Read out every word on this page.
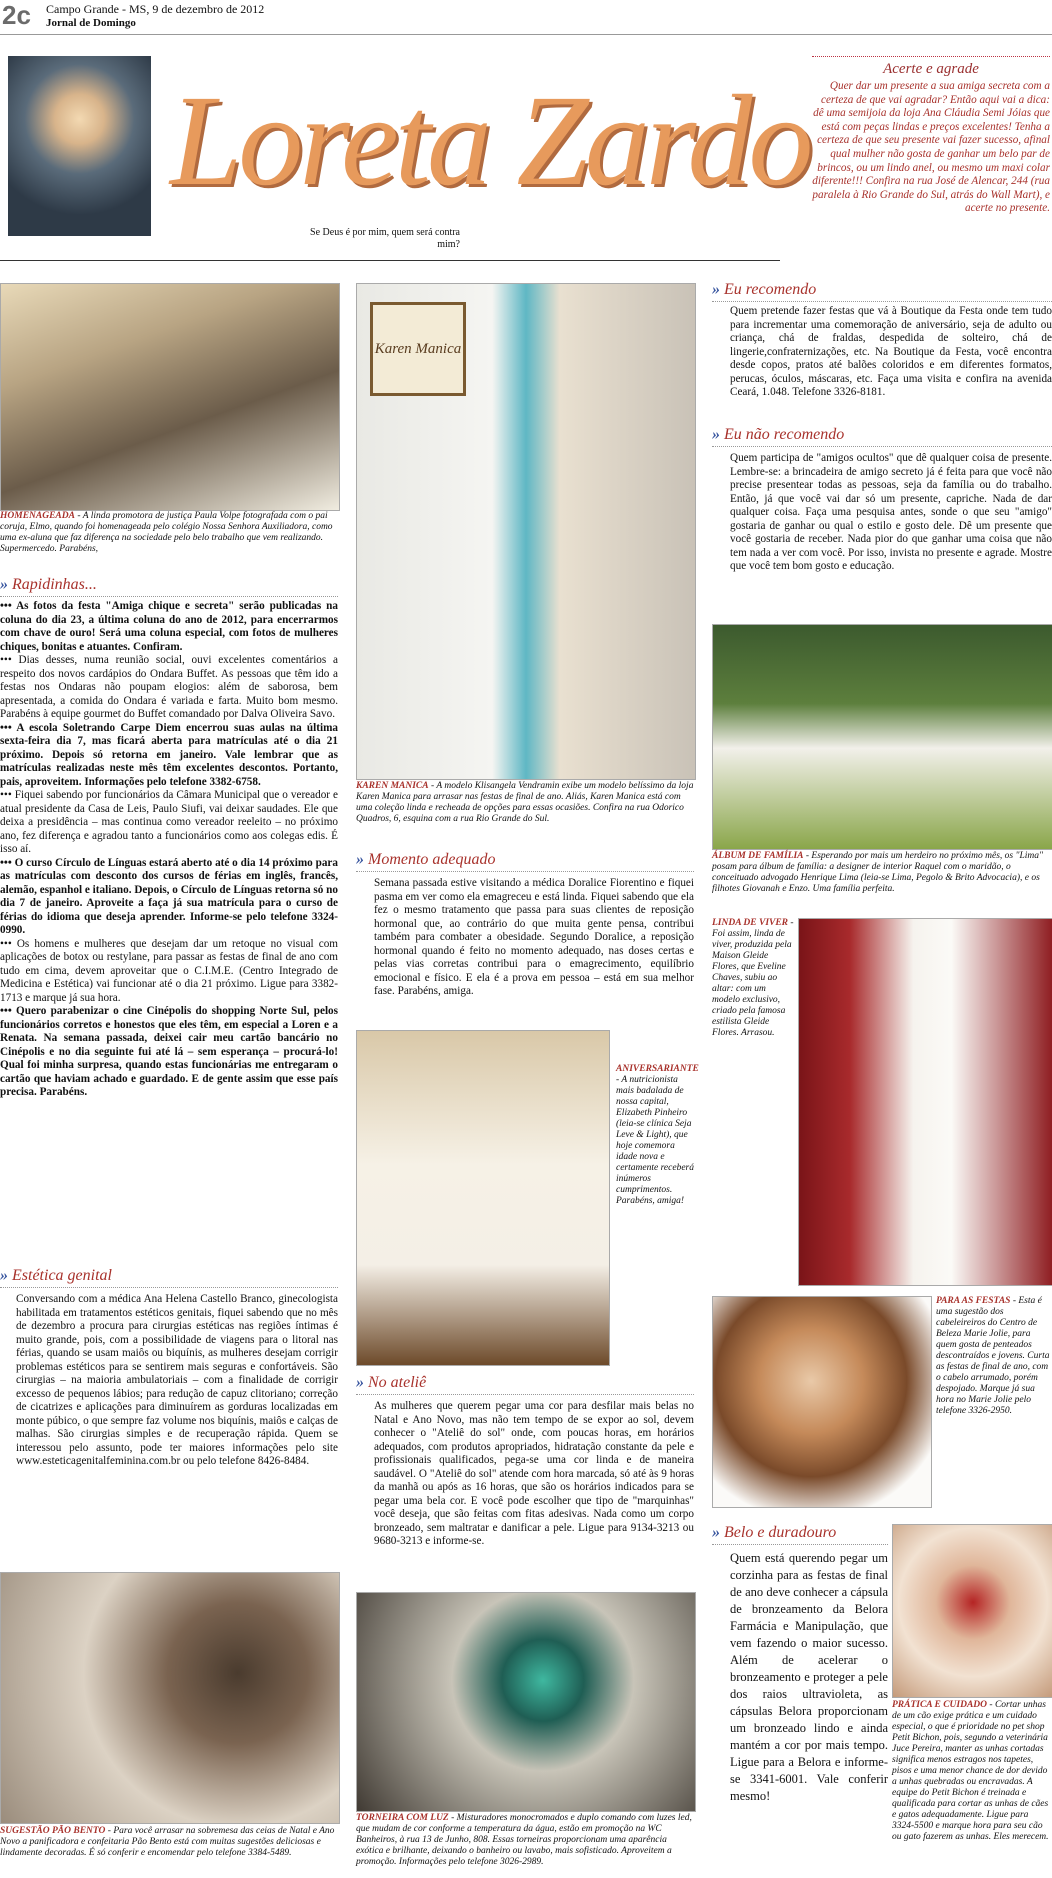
2c Campo Grande - MS, 9 de dezembro de 2012
Jornal de Domingo
Loreta Zardo
Se Deus é por mim, quem será contra mim?
Acerte e agrade

Quer dar um presente a sua amiga secreta com a certeza de que vai agradar? Então aqui vai a dica: dê uma semijoia da loja Ana Cláudia Semi Jóias que está com peças lindas e preços excelentes! Tenha a certeza de que seu presente vai fazer sucesso, afinal qual mulher não gosta de ganhar um belo par de brincos, ou um lindo anel, ou mesmo um maxi colar diferente!!! Confira na rua José de Alencar, 244 (rua paralela à Rio Grande do Sul, atrás do Wall Mart), e acerte no presente.

HOMENAGEADA - A linda promotora de justiça Paula Volpe fotografada com o pai coruja, Elmo, quando foi homenageada pelo colégio Nossa Senhora Auxiliadora, como uma ex-aluna que faz diferença na sociedade pelo belo trabalho que vem realizando. Supermercedo. Parabéns,
» Rapidinhas...

••• As fotos da festa "Amiga chique e secreta" serão publicadas na coluna do dia 23, a última coluna do ano de 2012, para encerrarmos com chave de ouro! Será uma coluna especial, com fotos de mulheres chiques, bonitas e atuantes. Confiram.

••• Dias desses, numa reunião social, ouvi excelentes comentários a respeito dos novos cardápios do Ondara Buffet. As pessoas que têm ido a festas nos Ondaras não poupam elogios: além de saborosa, bem apresentada, a comida do Ondara é variada e farta. Muito bom mesmo. Parabéns à equipe gourmet do Buffet comandado por Dalva Oliveira Savo.

••• A escola Soletrando Carpe Diem encerrou suas aulas na última sexta-feira dia 7, mas ficará aberta para matrículas até o dia 21 próximo. Depois só retorna em janeiro. Vale lembrar que as matrículas realizadas neste mês têm excelentes descontos. Portanto, pais, aproveitem. Informações pelo telefone 3382-6758.

••• Fiquei sabendo por funcionários da Câmara Municipal que o vereador e atual presidente da Casa de Leis, Paulo Siufi, vai deixar saudades. Ele que deixa a presidência – mas continua como vereador reeleito – no próximo ano, fez diferença e agradou tanto a funcionários como aos colegas edis. É isso aí.

••• O curso Círculo de Línguas estará aberto até o dia 14 próximo para as matrículas com desconto dos cursos de férias em inglês, francês, alemão, espanhol e italiano. Depois, o Círculo de Línguas retorna só no dia 7 de janeiro. Aproveite a faça já sua matrícula para o curso de férias do idioma que deseja aprender. Informe-se pelo telefone 3324-0990.

••• Os homens e mulheres que desejam dar um retoque no visual com aplicações de botox ou restylane, para passar as festas de final de ano com tudo em cima, devem aproveitar que o C.I.M.E. (Centro Integrado de Medicina e Estética) vai funcionar até o dia 21 próximo. Ligue para 3382-1713 e marque já sua hora.

••• Quero parabenizar o cine Cinépolis do shopping Norte Sul, pelos funcionários corretos e honestos que eles têm, em especial a Loren e a Renata. Na semana passada, deixei cair meu cartão bancário no Cinépolis e no dia seguinte fui até lá – sem esperança – procurá-lo! Qual foi minha surpresa, quando estas funcionárias me entregaram o cartão que haviam achado e guardado. E de gente assim que esse país precisa. Parabéns.

» Estética genital
Conversando com a médica Ana Helena Castello Branco, ginecologista habilitada em tratamentos estéticos genitais, fiquei sabendo que no mês de dezembro a procura para cirurgias estéticas nas regiões íntimas é muito grande, pois, com a possibilidade de viagens para o litoral nas férias, quando se usam maiôs ou biquínis, as mulheres desejam corrigir problemas estéticos para se sentirem mais seguras e confortáveis. São cirurgias – na maioria ambulatoriais – com a finalidade de corrigir excesso de pequenos lábios; para redução de capuz clitoriano; correção de cicatrizes e aplicações para diminuírem as gorduras localizadas em monte púbico, o que sempre faz volume nos biquínis, maiôs e calças de malhas. São cirurgias simples e de recuperação rápida. Quem se interessou pelo assunto, pode ter maiores informações pelo site www.esteticagenitalfeminina.com.br ou pelo telefone 8426-8484.
SUGESTÃO PÃO BENTO - Para você arrasar na sobremesa das ceias de Natal e Ano Novo a panificadora e confeitaria Pão Bento está com muitas sugestões deliciosas e lindamente decoradas. É só conferir e encomendar pelo telefone 3384-5489.
Karen Manica
KAREN MANICA - A modelo Klisangela Vendramin exibe um modelo belíssimo da loja Karen Manica para arrasar nas festas de final de ano. Aliás, Karen Manica está com uma coleção linda e recheada de opções para essas ocasiões. Confira na rua Odorico Quadros, 6, esquina com a rua Rio Grande do Sul.
» Momento adequado
Semana passada estive visitando a médica Doralice Fiorentino e fiquei pasma em ver como ela emagreceu e está linda. Fiquei sabendo que ela fez o mesmo tratamento que passa para suas clientes de reposição hormonal que, ao contrário do que muita gente pensa, contribui também para combater a obesidade. Segundo Doralice, a reposição hormonal quando é feito no momento adequado, nas doses certas e pelas vias corretas contribui para o emagrecimento, equilíbrio emocional e físico. E ela é a prova em pessoa – está em sua melhor fase. Parabéns, amiga.
ANIVERSARIANTE - A nutricionista mais badalada de nossa capital, Elizabeth Pinheiro (leia-se clínica Seja Leve & Light), que hoje comemora idade nova e certamente receberá inúmeros cumprimentos. Parabéns, amiga!
» No ateliê
As mulheres que querem pegar uma cor para desfilar mais belas no Natal e Ano Novo, mas não tem tempo de se expor ao sol, devem conhecer o "Ateliê do sol" onde, com poucas horas, em horários adequados, com produtos apropriados, hidratação constante da pele e profissionais qualificados, pega-se uma cor linda e de maneira saudável. O "Ateliê do sol" atende com hora marcada, só até às 9 horas da manhã ou após as 16 horas, que são os horários indicados para se pegar uma bela cor. E você pode escolher que tipo de "marquinhas" você deseja, que são feitas com fitas adesivas. Nada como um corpo bronzeado, sem maltratar e danificar a pele. Ligue para 9134-3213 ou 9680-3213 e informe-se.
TORNEIRA COM LUZ - Misturadores monocromados e duplo comando com luzes led, que mudam de cor conforme a temperatura da água, estão em promoção na WC Banheiros, à rua 13 de Junho, 808. Essas torneiras proporcionam uma aparência exótica e brilhante, deixando o banheiro ou lavabo, mais sofisticado. Aproveitem a promoção. Informações pelo telefone 3026-2989.
» Eu recomendo
Quem pretende fazer festas que vá à Boutique da Festa onde tem tudo para incrementar uma comemoração de aniversário, seja de adulto ou criança, chá de fraldas, despedida de solteiro, chá de lingerie,confraternizações, etc. Na Boutique da Festa, você encontra desde copos, pratos até balões coloridos e em diferentes formatos, perucas, óculos, máscaras, etc. Faça uma visita e confira na avenida Ceará, 1.048. Telefone 3326-8181.
» Eu não recomendo
Quem participa de "amigos ocultos" que dê qualquer coisa de presente. Lembre-se: a brincadeira de amigo secreto já é feita para que você não precise presentear todas as pessoas, seja da família ou do trabalho. Então, já que você vai dar só um presente, capriche. Nada de dar qualquer coisa. Faça uma pesquisa antes, sonde o que seu "amigo" gostaria de ganhar ou qual o estilo e gosto dele. Dê um presente que você gostaria de receber. Nada pior do que ganhar uma coisa que não tem nada a ver com você. Por isso, invista no presente e agrade. Mostre que você tem bom gosto e educação.
ÁLBUM DE FAMÍLIA - Esperando por mais um herdeiro no próximo mês, os "Lima" posam para álbum de família: a designer de interior Raquel com o maridão, o conceituado advogado Henrique Lima (leia-se Lima, Pegolo & Brito Advocacia), e os filhotes Giovanah e Enzo. Uma família perfeita.
LINDA DE VIVER - Foi assim, linda de viver, produzida pela Maison Gleide Flores, que Eveline Chaves, subiu ao altar: com um modelo exclusivo, criado pela famosa estilista Gleide Flores. Arrasou.
PARA AS FESTAS - Esta é uma sugestão dos cabeleireiros do Centro de Beleza Marie Jolie, para quem gosta de penteados descontraídos e jovens. Curta as festas de final de ano, com o cabelo arrumado, porém despojado. Marque já sua hora no Marie Jolie pelo telefone 3326-2950.
» Belo e duradouro
Quem está querendo pegar um corzinha para as festas de final de ano deve conhecer a cápsula de bronzeamento da Belora Farmácia e Manipulação, que vem fazendo o maior sucesso. Além de acelerar o bronzeamento e proteger a pele dos raios ultravioleta, as cápsulas Belora proporcionam um bronzeado lindo e ainda mantém a cor por mais tempo. Ligue para a Belora e informe-se 3341-6001. Vale conferir mesmo!
PRÁTICA E CUIDADO - Cortar unhas de um cão exige prática e um cuidado especial, o que é prioridade no pet shop Petit Bichon, pois, segundo a veterinária Juce Pereira, manter as unhas cortadas significa menos estragos nos tapetes, pisos e uma menor chance de dor devido a unhas quebradas ou encravadas. A equipe do Petit Bichon é treinada e qualificada para cortar as unhas de cães e gatos adequadamente. Ligue para 3324-5500 e marque hora para seu cão ou gato fazerem as unhas. Eles merecem.
